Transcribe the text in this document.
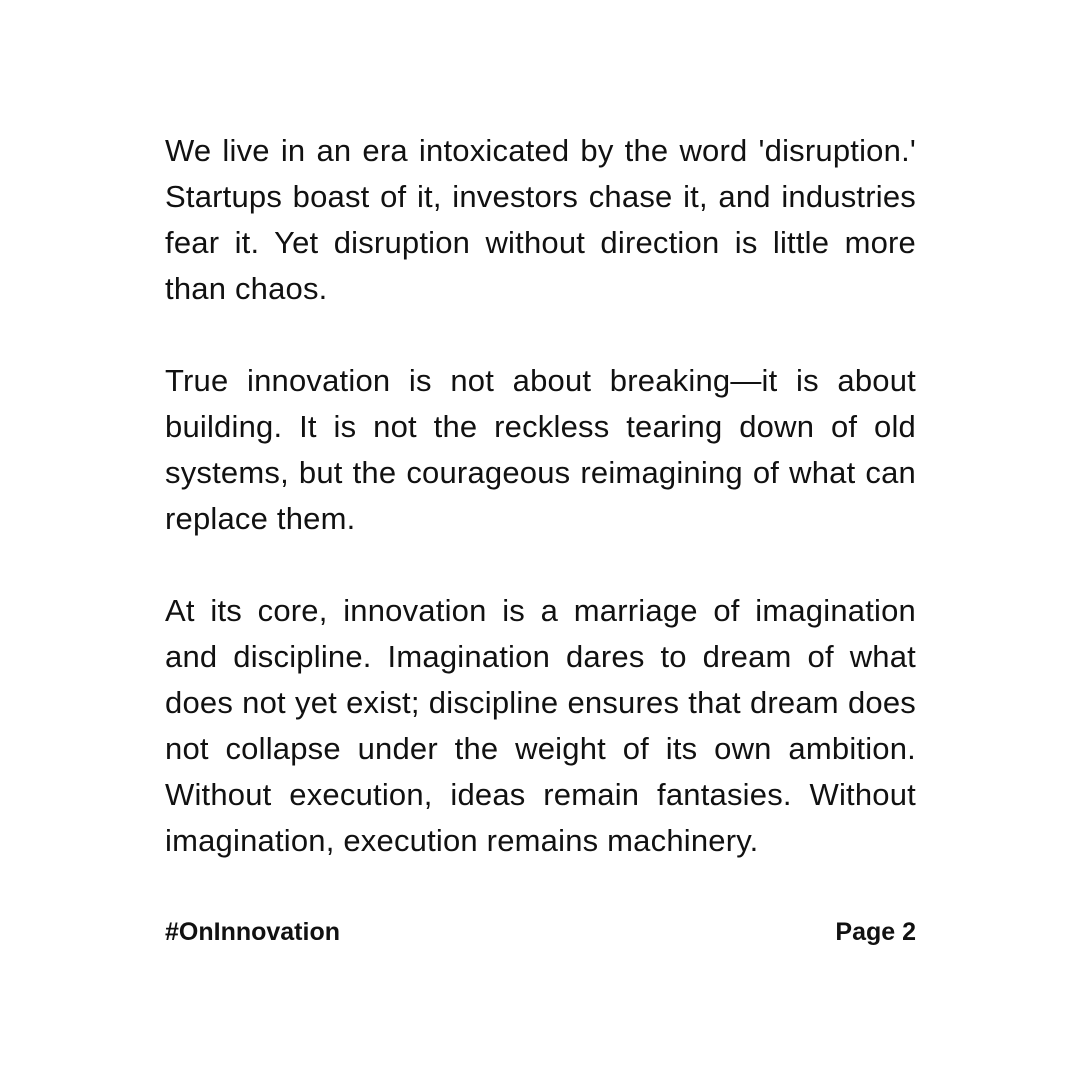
We live in an era intoxicated by the word 'disruption.' Startups boast of it, investors chase it, and industries fear it. Yet disruption without direction is little more than chaos.

True innovation is not about breaking—it is about building. It is not the reckless tearing down of old systems, but the courageous reimagining of what can replace them.

At its core, innovation is a marriage of imagination and discipline. Imagination dares to dream of what does not yet exist; discipline ensures that dream does not collapse under the weight of its own ambition. Without execution, ideas remain fantasies. Without imagination, execution remains machinery.

#OnInnovation	Page 2
